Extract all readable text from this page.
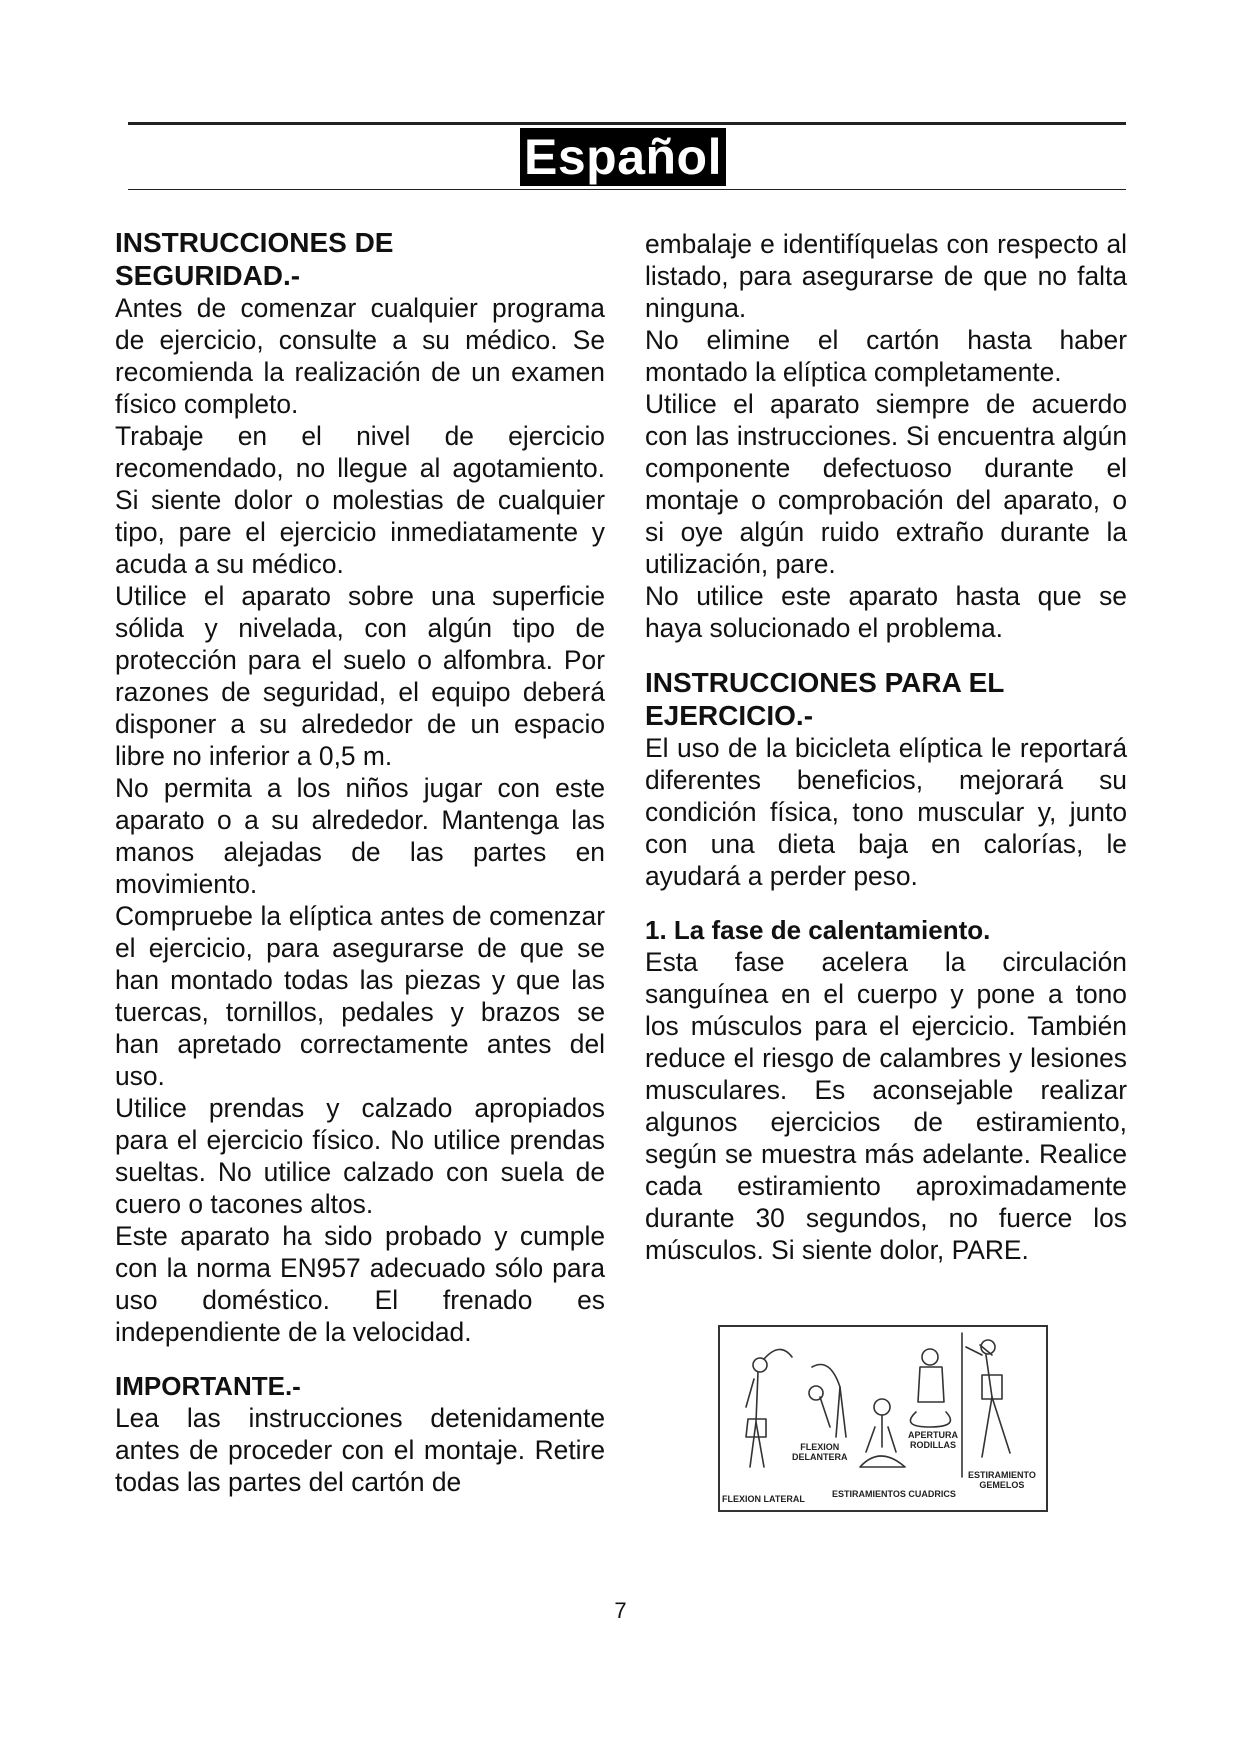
Español
INSTRUCCIONES DE
SEGURIDAD.-

Antes de comenzar cualquier programa de ejercicio, consulte a su médico. Se recomienda la realización de un examen físico completo.

Trabaje en el nivel de ejercicio recomendado, no llegue al agotamiento. Si siente dolor o molestias de cualquier tipo, pare el ejercicio inmediatamente y acuda a su médico.

Utilice el aparato sobre una superficie sólida y nivelada, con algún tipo de protección para el suelo o alfombra. Por razones de seguridad, el equipo deberá disponer a su alrededor de un espacio libre no inferior a 0,5 m.

No permita a los niños jugar con este aparato o a su alrededor. Mantenga las manos alejadas de las partes en movimiento.

Compruebe la elíptica antes de comenzar el ejercicio, para asegurarse de que se han montado todas las piezas y que las tuercas, tornillos, pedales y brazos se han apretado correctamente antes del uso.

Utilice prendas y calzado apropiados para el ejercicio físico. No utilice prendas sueltas. No utilice calzado con suela de cuero o tacones altos.

Este aparato ha sido probado y cumple con la norma EN957 adecuado sólo para uso doméstico. El frenado es independiente de la velocidad.

IMPORTANTE.-

Lea las instrucciones detenidamente antes de proceder con el montaje. Retire todas las partes del cartón de

embalaje e identifíquelas con respecto al listado, para asegurarse de que no falta ninguna.

No elimine el cartón hasta haber montado la elíptica completamente.

Utilice el aparato siempre de acuerdo con las instrucciones. Si encuentra algún componente defectuoso durante el montaje o comprobación del aparato, o si oye algún ruido extraño durante la utilización, pare.

No utilice este aparato hasta que se haya solucionado el problema.

INSTRUCCIONES PARA EL
EJERCICIO.-

El uso de la bicicleta elíptica le reportará diferentes beneficios, mejorará su condición física, tono muscular y, junto con una dieta baja en calorías, le ayudará a perder peso.

1. La fase de calentamiento.

Esta fase acelera la circulación sanguínea en el cuerpo y pone a tono los músculos para el ejercicio. También reduce el riesgo de calambres y lesiones musculares. Es aconsejable realizar algunos ejercicios de estiramiento, según se muestra más adelante. Realice cada estiramiento aproximadamente durante 30 segundos, no fuerce los músculos. Si siente dolor, PARE.

FLEXION LATERAL
FLEXION
DELANTERA
ESTIRAMIENTOS CUADRICS
APERTURA
RODILLAS
ESTIRAMIENTO
GEMELOS
7
